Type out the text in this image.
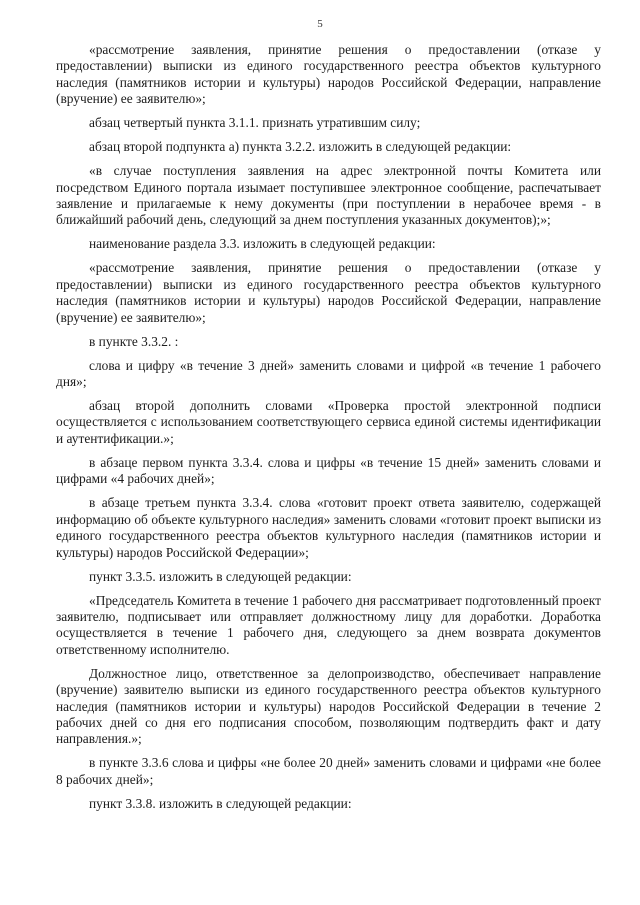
5

«рассмотрение заявления, принятие решения о предоставлении (отказе у предоставлении) выписки из единого государственного реестра объектов культурного наследия (памятников истории и культуры) народов Российской Федерации, направление (вручение) ее заявителю»;

абзац четвертый пункта 3.1.1. признать утратившим силу;

абзац второй подпункта а) пункта 3.2.2. изложить в следующей редакции:

«в случае поступления заявления на адрес электронной почты Комитета или посредством Единого портала изымает поступившее электронное сообщение, распечатывает заявление и прилагаемые к нему документы (при поступлении в нерабочее время - в ближайший рабочий день, следующий за днем поступления указанных документов);»;

наименование раздела 3.3. изложить в следующей редакции:

«рассмотрение заявления, принятие решения о предоставлении (отказе у предоставлении) выписки из единого государственного реестра объектов культурного наследия (памятников истории и культуры) народов Российской Федерации, направление (вручение) ее заявителю»;

в пункте 3.3.2. :

слова и цифру «в течение 3 дней» заменить словами и цифрой «в течение 1 рабочего дня»;

абзац второй дополнить словами «Проверка простой электронной подписи осуществляется с использованием соответствующего сервиса единой системы идентификации и аутентификации.»;

в абзаце первом пункта 3.3.4. слова и цифры «в течение 15 дней» заменить словами и цифрами «4 рабочих дней»;

в абзаце третьем пункта 3.3.4. слова «готовит проект ответа заявителю, содержащей информацию об объекте культурного наследия» заменить словами «готовит проект выписки из единого государственного реестра объектов культурного наследия (памятников истории и культуры) народов Российской Федерации»;

пункт 3.3.5. изложить в следующей редакции:

«Председатель Комитета в течение 1 рабочего дня рассматривает подготовленный проект заявителю, подписывает или отправляет должностному лицу для доработки. Доработка осуществляется в течение 1 рабочего дня, следующего за днем возврата документов ответственному исполнителю.

Должностное лицо, ответственное за делопроизводство, обеспечивает направление (вручение) заявителю выписки из единого государственного реестра объектов культурного наследия (памятников истории и культуры) народов Российской Федерации в течение 2 рабочих дней со дня его подписания способом, позволяющим подтвердить факт и дату направления.»;

в пункте 3.3.6 слова и цифры «не более 20 дней» заменить словами и цифрами «не более 8 рабочих дней»;

пункт 3.3.8. изложить в следующей редакции:
